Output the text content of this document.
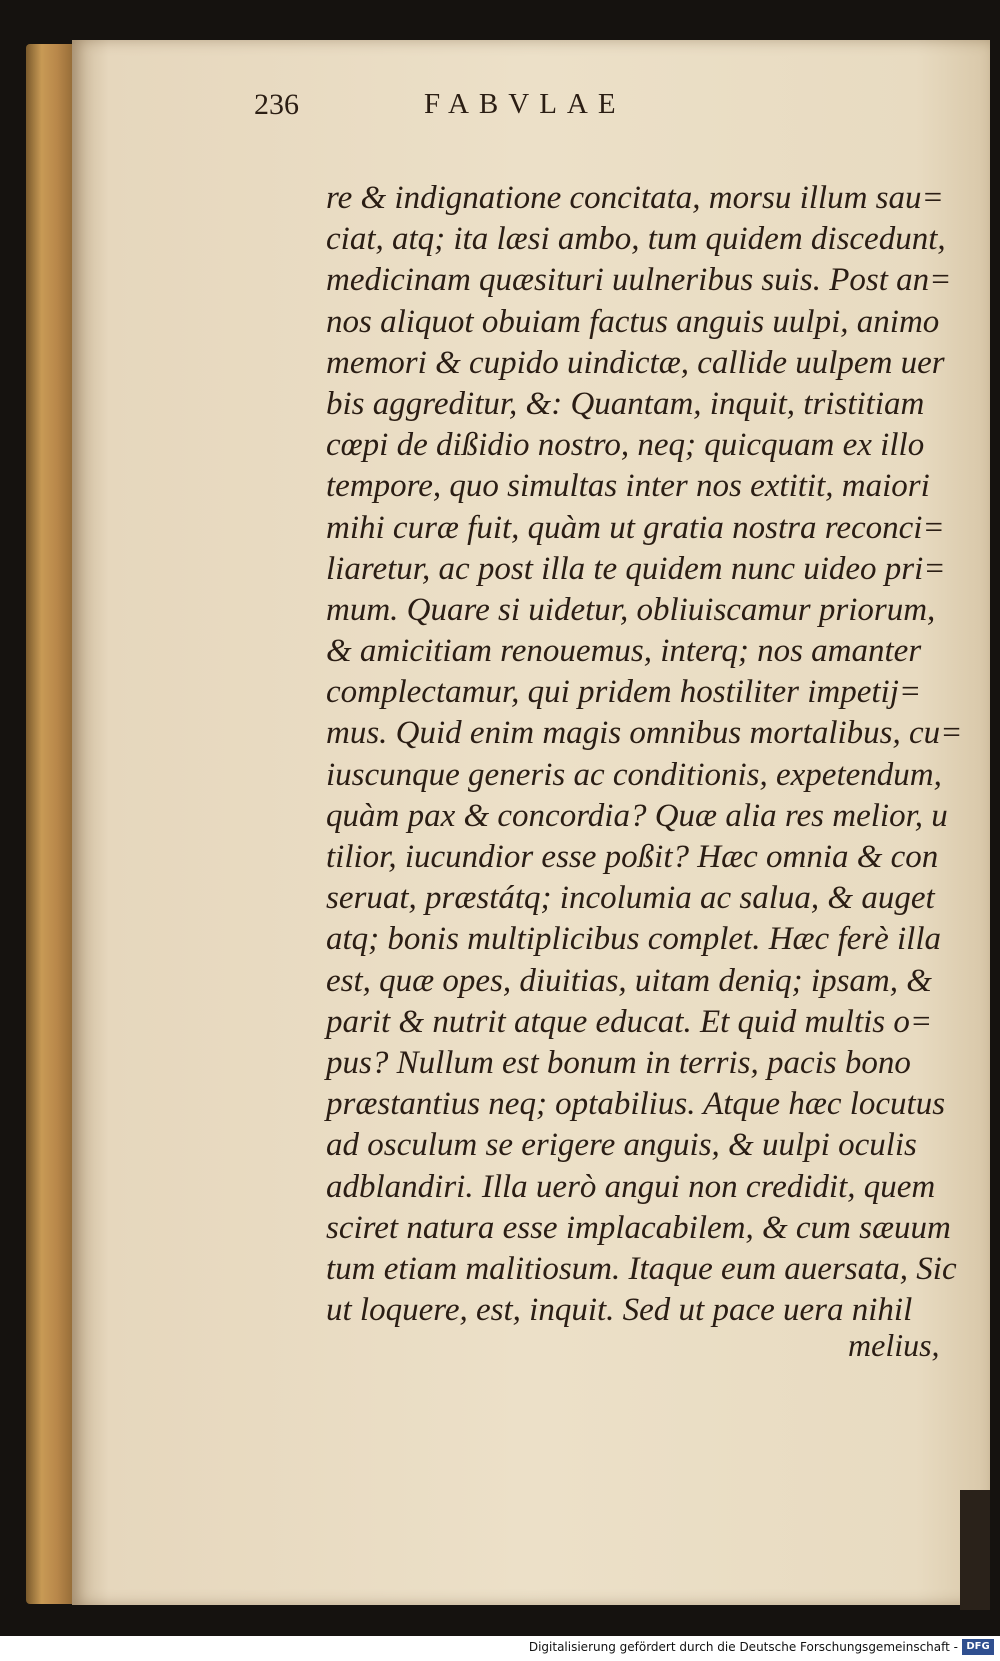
236	FABVLAE
re & indignatione concitata, morsu illum sau=
ciat, atq; ita læsi ambo, tum quidem discedunt,
medicinam quæsituri uulneribus suis. Post an=
nos aliquot obuiam factus anguis uulpi, animo
memori & cupido uindictæ, callide uulpem uer
bis aggreditur, &: Quantam, inquit, tristitiam
cœpi de dißidio nostro, neq; quicquam ex illo
tempore, quo simultas inter nos extitit, maiori
mihi curæ fuit, quàm ut gratia nostra reconci=
liaretur, ac post illa te quidem nunc uideo pri=
mum. Quare si uidetur, obliuiscamur priorum,
& amicitiam renouemus, interq; nos amanter
complectamur, qui pridem hostiliter impetij=
mus. Quid enim magis omnibus mortalibus, cu=
iuscunque generis ac conditionis, expetendum,
quàm pax & concordia? Quæ alia res melior, u
tilior, iucundior esse poßit? Hæc omnia & con
seruat, præstátq; incolumia ac salua, & auget
atq; bonis multiplicibus complet. Hæc ferè illa
est, quæ opes, diuitias, uitam deniq; ipsam, &
parit & nutrit atque educat. Et quid multis o=
pus? Nullum est bonum in terris, pacis bono
præstantius neq; optabilius. Atque hæc locutus
ad osculum se erigere anguis, & uulpi oculis
adblandiri. Illa uerò angui non credidit, quem
sciret natura esse implacabilem, & cum sæuum
tum etiam malitiosum. Itaque eum auersata, Sic
ut loquere, est, inquit. Sed ut pace uera nihil
melius,
Digitalisierung gefördert durch die Deutsche Forschungsgemeinschaft - DFG
